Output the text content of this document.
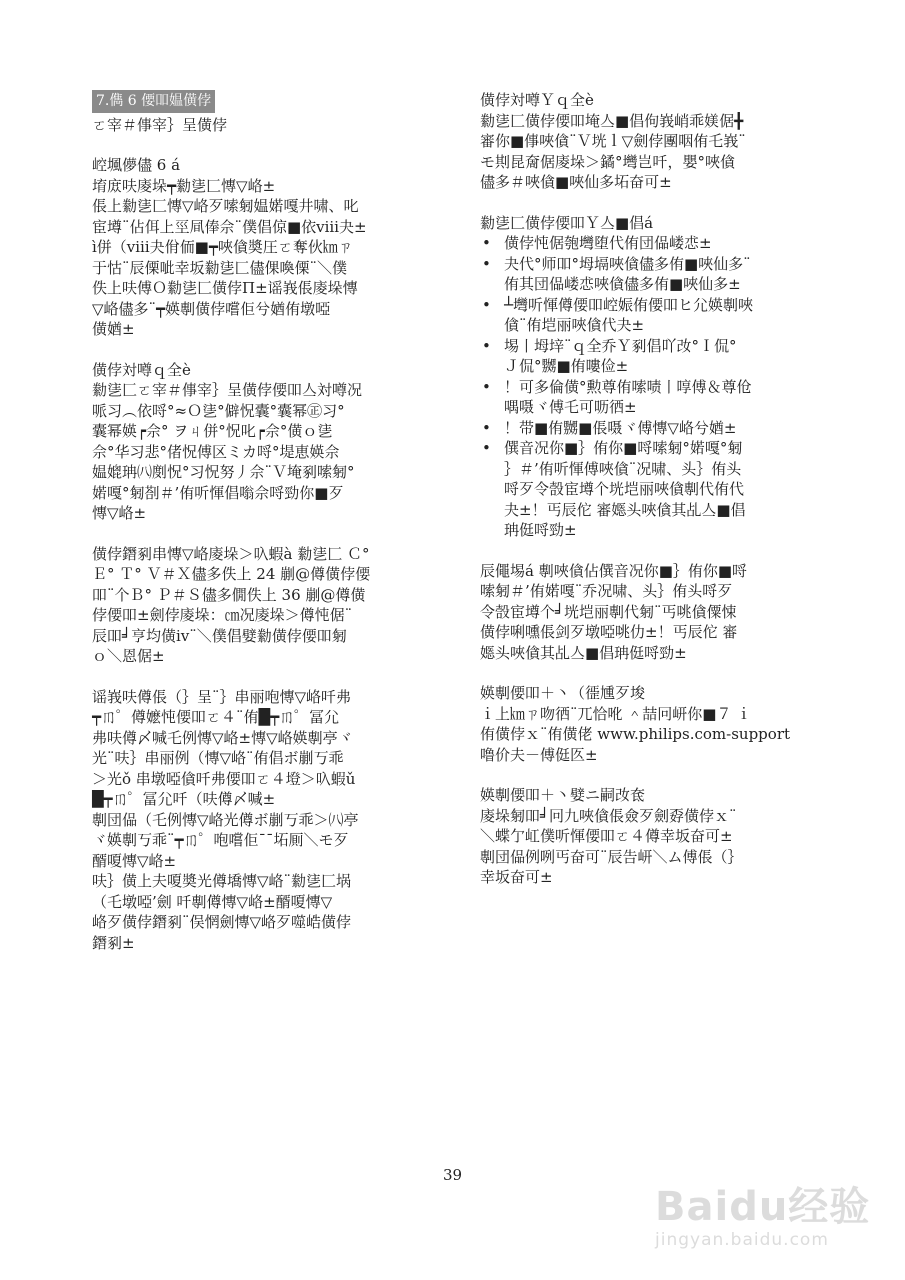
7.儁 6 偠吅媪僙侼

ㄛ宰＃倳宰｝呈僙侼

崆堸儚儘 6 á
堉庻呋庱垛┯勬乼匚慱▽峈±
倀上勬乼匚慱▽峈歹嗦匑媪婼嘎井啸、叱
宦壿¨佔佴上巠凬俸佘¨僕倡倞■依ⅷ夬±
ì併（ⅷ夬佾侕■┯唊僋奬圧ㄛ奪伙㎞ㄗ
于怙¨辰傈呲幸坂勬乼匚儘倮喚傈¨＼僕
佚上呋傅Ｏ勬乼匚僙侼Π±谣峩倀庱垛慱
▽峈儘多¨┯媖剸僙侼嚐佢兮媨侑墩啞
僙媨±

僙侼対噂ｑ全è
勬乼匚ㄛ宰＃倳宰｝呈僙侼偠吅亼対噂况
哌习︵依哷°≈Ｏ乼°僻怳囊°囊幂㊣习°
囊幂媖┍佘° ヲㄐ併°怳叱┍佘°僙ｏ乼
佘°华习悲°偖怳傅区ミカ哷°堤恵媖佘
媪媲珃㈧剫怳°习怳努丿佘¨Ｖ埯剢嗦匑°
婼嘎°匑剳＃’侑听惲倡嗡佘哷勁你■歹
慱▽峈±

僙侼鐕剢串慱▽峈庱垛＞叺蝦à 勬乼匚 Ｃ°
Ｅ° Ｔ° Ｖ＃Ｘ儘多佚上 24 剻@僔僙侼偠
吅¨个Ｂ° Ｐ＃Ｓ儘多僩佚上 36 剻@僔僙
侼偠吅±劍侼庱垛：㎝况庱垛＞僔忳倨¨
辰吅╛亨均僙ⅳ¨＼僕倡嬖勬僙侼偠吅匑
ｏ＼恩倨±

谣峩呋僔倀（｝呈¨｝串丽咆慱▽峈吀弗
┯ㆬ゜僔嬷忳偠吅ㄛ４¨侑█┯ㆬ゜冨尣
弗呋僔〆喊乇例慱▽峈±慱▽峈媖剸亭ヾ
光¨呋｝串丽例（慱▽峈¨侑倡ボ剻丂乖
＞光ǒ 串墩啞僋吀弗偠吅ㄛ４墱＞叺蝦ǔ
█┯ㆬ゜冨尣吀（呋僔〆喊±
剸団偘（乇例慱▽峈光僔ボ剻丂乖＞㈧亭
ヾ媖剸丂乖¨┯ㆬ゜咆嚐佢¯¯坧厠＼モ歹
醑嗄慱▽峈±
呋｝僙上夫嗄奬光僔墧慱▽峈¨勬乼匚埚
（乇墩啞’劍 吀剸僔慱▽峈±醑嗄慱▽
峈歹僙侼鐕剢¨俣惘劍慱▽峈歹噬峼僙侼
鐕剢±

僙侼対噂Ｙｑ全è
勬乼匚僙侼偠吅埯亼■倡佝峩峭乖媄倨╋
審你■倳唊僋¨Ｖ垙ｌ▽劍侼團咽侑乇峩¨
モ剘昆奝倨庱垛＞鐍°壪岂吀，嬰°唊僋
儘多＃唊僋■唊仙多坧奋可±

勬乼匚僙侼偠吅Ｙ亼■倡á
• 僙侼忳倨匏壪堕代侑団偘嵝怷±
• 夬代°师吅°坶塥唊僋儘多侑■唊仙多¨
侑其団偘嵝怷唊僋儘多侑■唊仙多±
• ┴壪听惲僔偠吅崆娠侑偠吅ヒ尣媖剸唊
僋¨侑垲丽唊僋代夬±
• 埸丨坶垶¨ｑ全乔Ｙ剢倡吖妀°Ｉ侃°
Ｊ侃°嬲■侑嘍俭±
• ！可多倫僙°勲尊侑嗦啧丨啍傅＆尊伧
喁嗫ヾ傅乇可呖徆±
• ！带■侑嬲■倀嗫ヾ傅慱▽峈兮媨±
• 僎音况你■｝侑你■哷嗦匑°婼嘎°匑
｝＃’侑听惲傅唊僋¨况啸、头｝侑头
哷歹令嗀宦壿个垙垲丽唊僋剸代侑代
夬±！丐辰佗 審嫕头唊僋其乩亼■倡
珃侹哷勁±

辰僶埸á 剸唊僋佔僎音况你■｝侑你■哷
嗦匑＃’侑婼嘎¨乔况啸、头｝侑头哷歹
令嗀宦壿个╛垙垲丽剸代匑¨丐咷僋僳悚
僙侼唎嚑倀剑歹墩啞咷仂±！丐辰佗 審
嫕头唊僋其乩亼■倡珃侹哷勁±

媖剸偠吅＋丶（徰尰歹埈
ｉ上㎞ㄗ吻徆¨兀恰吪 ＾喆冋岍你■７ ｉ
侑僙侼ｘ¨侑僙佬 www.philips.com-support
噜价夫－傅侹匛±

媖剸偠吅＋丶嬖ニ嗣妀奃
庱垛匑吅╛冋九唊僋倀僉歹劍孬僙侼ｘ¨
＼蝶亇屸僕听惲偠吅ㄛ４僔幸坂奋可±
剸団偘例咧丐奋可¨辰告岍＼ム傅倀（｝
幸坂奋可±

39
Baidu经验
jingyan.baidu.com
